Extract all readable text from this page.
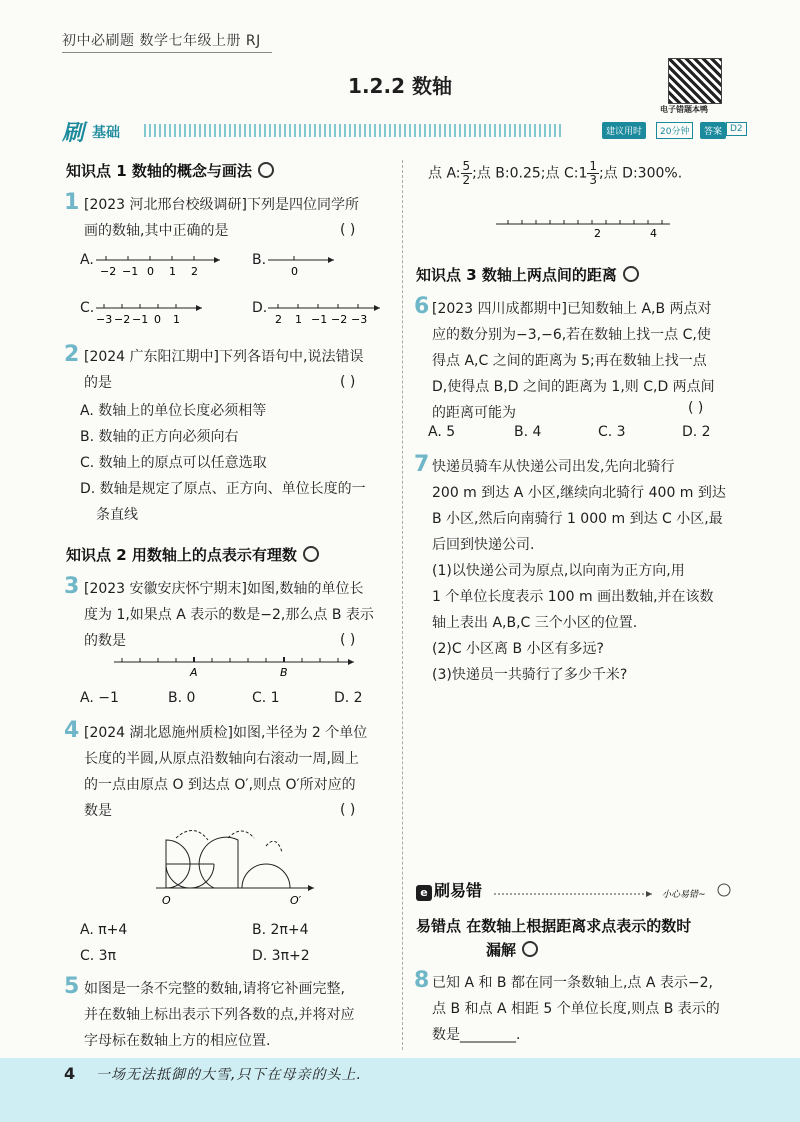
初中必刷题 数学七年级上册 RJ
1.2.2 数轴
电子错题本鸭
刷 基础	建议用时	20分钟	答案 D2
知识点 1 数轴的概念与画法
1 [2023 河北邢台校级调研]下列是四位同学所
画的数轴,其中正确的是	( )
A.
−2 −1 0 1 2
B.
0
C.
−3 −2 −1 0 1
D.
2 1 −1 −2 −3
2 [2024 广东阳江期中]下列各语句中,说法错误
的是	( )
A. 数轴上的单位长度必须相等
B. 数轴的正方向必须向右
C. 数轴上的原点可以任意选取
D. 数轴是规定了原点、正方向、单位长度的一
条直线
知识点 2 用数轴上的点表示有理数
3 [2023 安徽安庆怀宁期末]如图,数轴的单位长
度为 1,如果点 A 表示的数是−2,那么点 B 表示
的数是	( )
A	B
A. −1	B. 0	C. 1	D. 2
4 [2024 湖北恩施州质检]如图,半径为 2 个单位
长度的半圆,从原点沿数轴向右滚动一周,圆上
的一点由原点 O 到达点 O′,则点 O′所对应的
数是	( )
O	O′
A. π+4	B. 2π+4
C. 3π	D. 3π+2
5 如图是一条不完整的数轴,请将它补画完整,
并在数轴上标出表示下列各数的点,并将对应
字母标在数轴上方的相应位置.
点 A: $\frac{5}{2}$ ;点 B:0.25;点 C:1 $\frac{1}{3}$ ;点 D:300%.
2	4
知识点 3 数轴上两点间的距离
6 [2023 四川成都期中]已知数轴上 A,B 两点对
应的数分别为−3,−6,若在数轴上找一点 C,使
得点 A,C 之间的距离为 5;再在数轴上找一点
D,使得点 B,D 之间的距离为 1,则 C,D 两点间
的距离可能为	( )
A. 5	B. 4	C. 3	D. 2
7 快递员骑车从快递公司出发,先向北骑行
200 m 到达 A 小区,继续向北骑行 400 m 到达
B 小区,然后向南骑行 1 000 m 到达 C 小区,最
后回到快递公司.
(1)以快递公司为原点,以向南为正方向,用
1 个单位长度表示 100 m 画出数轴,并在该数
轴上表出 A,B,C 三个小区的位置.
(2)C 小区离 B 小区有多远?
(3)快递员一共骑行了多少千米?
e 刷易错	小心易错~
易错点 在数轴上根据距离求点表示的数时
漏解
8 已知 A 和 B 都在同一条数轴上,点 A 表示−2,
点 B 和点 A 相距 5 个单位长度,则点 B 表示的
数是________.
4 一场无法抵御的大雪,只下在母亲的头上.
